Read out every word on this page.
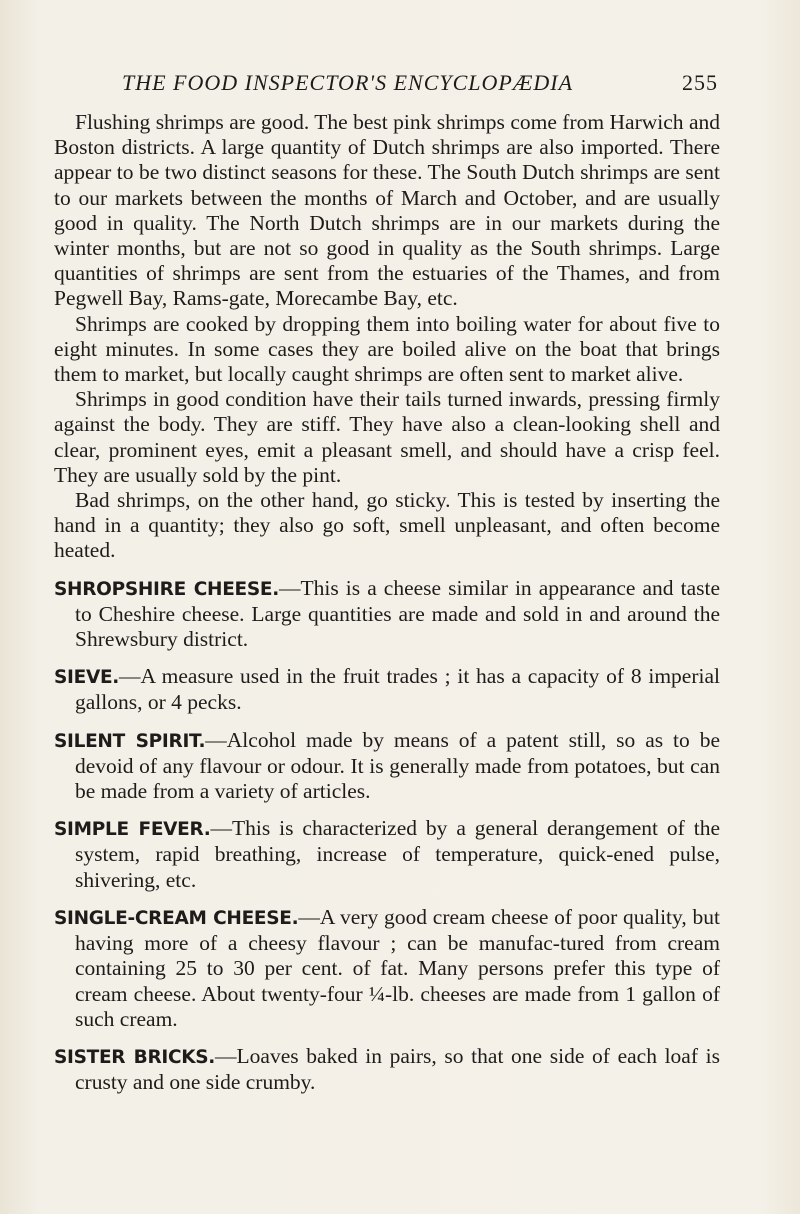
THE FOOD INSPECTOR'S ENCYCLOPÆDIA	255

Flushing shrimps are good. The best pink shrimps come from Harwich and Boston districts. A large quantity of Dutch shrimps are also imported. There appear to be two distinct seasons for these. The South Dutch shrimps are sent to our markets between the months of March and October, and are usually good in quality. The North Dutch shrimps are in our markets during the winter months, but are not so good in quality as the South shrimps. Large quantities of shrimps are sent from the estuaries of the Thames, and from Pegwell Bay, Rams-gate, Morecambe Bay, etc.

Shrimps are cooked by dropping them into boiling water for about five to eight minutes. In some cases they are boiled alive on the boat that brings them to market, but locally caught shrimps are often sent to market alive.

Shrimps in good condition have their tails turned inwards, pressing firmly against the body. They are stiff. They have also a clean-looking shell and clear, prominent eyes, emit a pleasant smell, and should have a crisp feel. They are usually sold by the pint.

Bad shrimps, on the other hand, go sticky. This is tested by inserting the hand in a quantity; they also go soft, smell unpleasant, and often become heated.

SHROPSHIRE CHEESE.—This is a cheese similar in appearance and taste to Cheshire cheese. Large quantities are made and sold in and around the Shrewsbury district.

SIEVE.—A measure used in the fruit trades ; it has a capacity of 8 imperial gallons, or 4 pecks.

SILENT SPIRIT.—Alcohol made by means of a patent still, so as to be devoid of any flavour or odour. It is generally made from potatoes, but can be made from a variety of articles.

SIMPLE FEVER.—This is characterized by a general derangement of the system, rapid breathing, increase of temperature, quick-ened pulse, shivering, etc.

SINGLE-CREAM CHEESE.—A very good cream cheese of poor quality, but having more of a cheesy flavour ; can be manufac-tured from cream containing 25 to 30 per cent. of fat. Many persons prefer this type of cream cheese. About twenty-four ¼-lb. cheeses are made from 1 gallon of such cream.

SISTER BRICKS.—Loaves baked in pairs, so that one side of each loaf is crusty and one side crumby.
